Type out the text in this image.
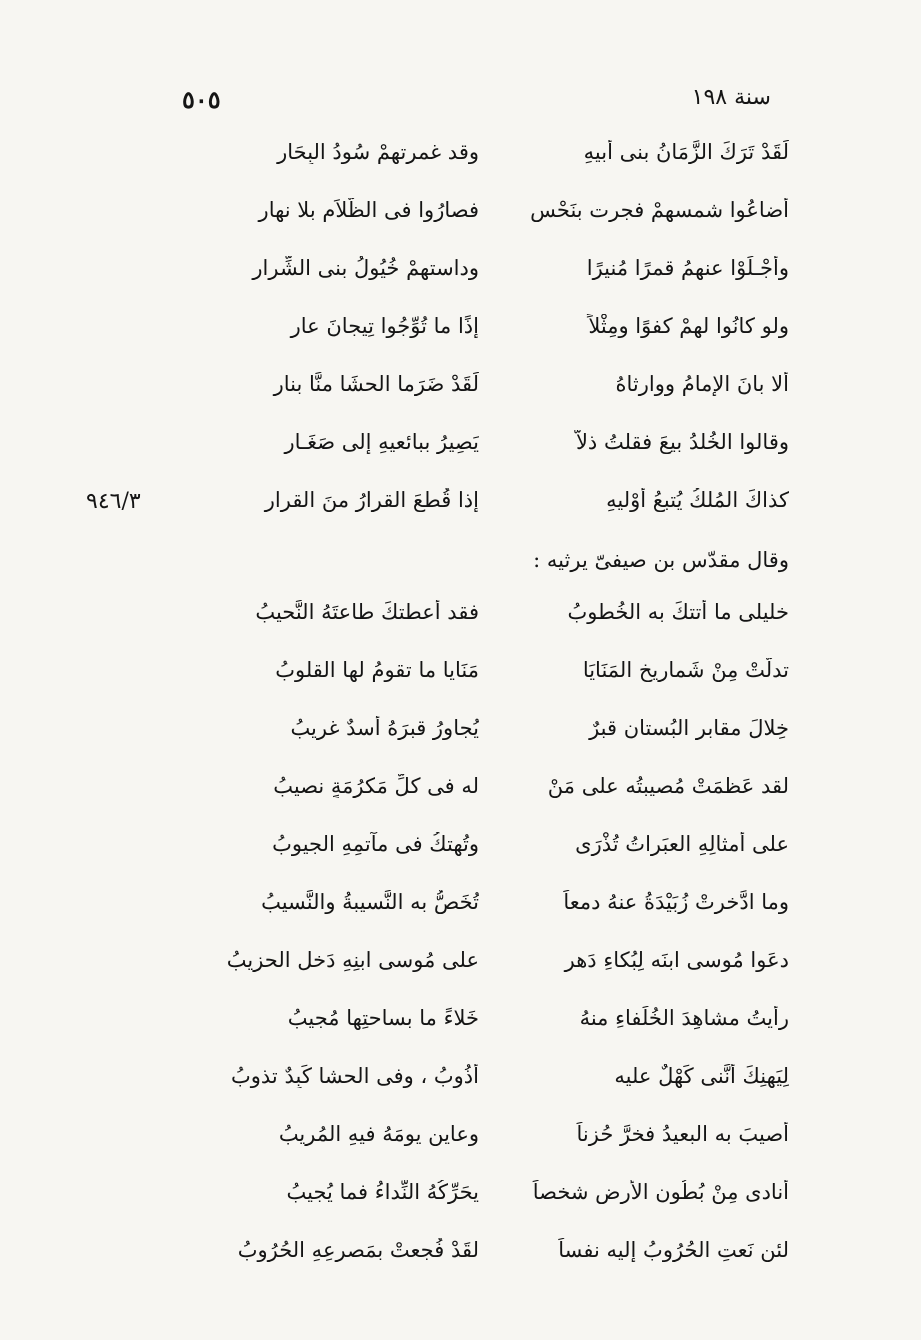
٥٠٥	سنة ١٩٨
٩٤٦/٣
لَقَدْ تَرَكَ الزَّمَانُ بنى أَبيهِ
وقد غمرتهمْ سُودُ البِحَارِ
أضاعُوا شمسهمْ فجرت بنَحْسٍ
فصارُوا فى الظَّلاَمِ بلا نهارِ
وأَجْـلَوْا عنهمُ قمرًا مُنيرًا
وداستهمْ خُيُولُ بنى الشِّرار
ولو كانُوا لهمْ كفوًا ومِثْلاً
إذًا ما تُوِّجُوا تِيجانَ عارِ
أَلا بانَ الإِمامُ ووارثاهُ
لَقَدْ ضَرَما الحشَا منَّا بنار
وقالوا الخُلدُ بيعَ فقلتُ ذلاًّ
يَصِيرُ ببائعيهِ إلى صَغَـارِ
كذاكَ المُلكُ يُتبعُ أَوْليهِ
إذا قُطعَ القرارُ منَ القرارِ
وقال مقدّس بن صيفىّ يرثيه :
خليلى ما أَتتكَ به الخُطوبُ
فقد أعطتكَ طاعتَهُ النَّحيبُ
تدلَّتْ مِنْ شَماريخِ المَنَايَا
مَنَايا ما تقومُ لها القلوبُ
خِلالَ مقابرِ البُستانِ قبرٌ
يُجاورُ قبرَهُ أسدٌ غريبُ
لقد عَظمَتْ مُصيبتُه على مَنْ
له فى كلِّ مَكرُمَةٍ نصيبُ
على أمثالِهِ العبَراتُ تُذْرَى
وتُهتكُ فى مآتمِهِ الجيوبُ
وما ادَّخرتْ زُبَيْدَةُ عنهُ دمعاً
تُخَصُّ به النَّسيبةُ والنَّسيبُ
دعَوا مُوسى ابنَه لِبُكاءِ دَهرٍ
على مُوسى ابنِهِ دَخل الحزيبُ
رأَيتُ مشاهِدَ الخُلَفاءِ منهُ
خَلاءً ما بساحتِها مُجيبُ
لِيَهنِكَ أنَّنى كَهْلٌ عليه
أذُوبُ ، وفى الحشا كَبِدٌ تذوبُ
أُصيبَ به البعيدُ فخرَّ حُزناً
وعاين يومَهُ فيهِ المُريبُ
أُنادى مِنْ بُطُونِ الأرضِ شخصاً
يحَرِّكُهُ النِّداءُ فما يُجيبُ
لئن نَعتِ الحُرُوبُ إليه نفساً
لقَدْ فُجعتْ بمَصرعِهِ الحُرُوبُ
